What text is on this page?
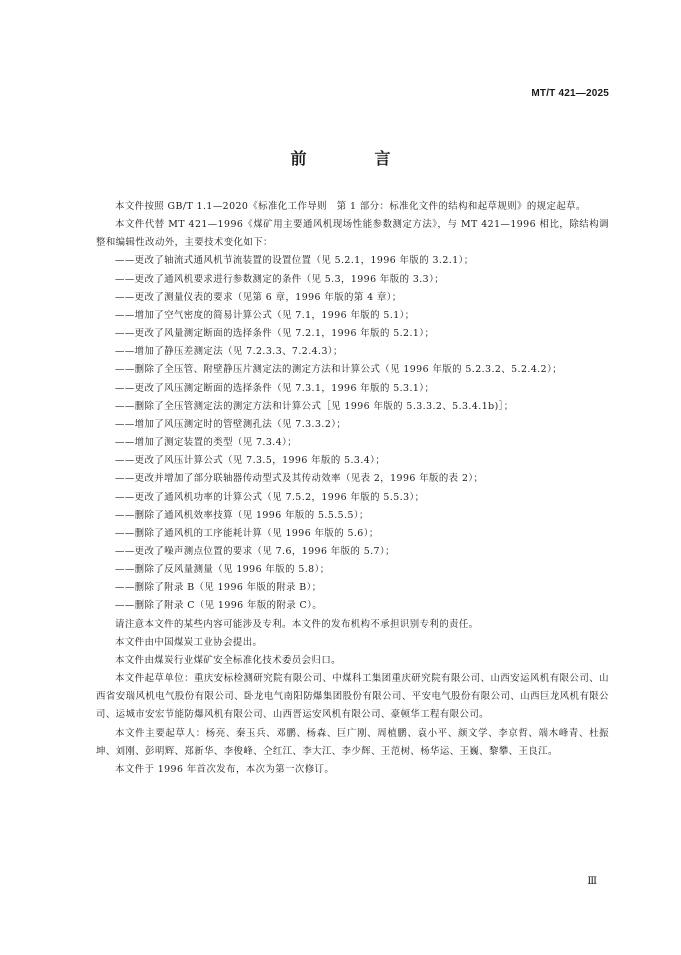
MT/T 421—2025
前　言

本文件按照 GB/T 1.1—2020《标准化工作导则　第 1 部分：标准化文件的结构和起草规则》的规定起草。

本文件代替 MT 421—1996《煤矿用主要通风机现场性能参数测定方法》，与 MT 421—1996 相比，除结构调整和编辑性改动外，主要技术变化如下：

——更改了轴流式通风机节流装置的设置位置（见 5.2.1，1996 年版的 3.2.1）；
——更改了通风机要求进行参数测定的条件（见 5.3，1996 年版的 3.3）；
——更改了测量仪表的要求（见第 6 章，1996 年版的第 4 章）；
——增加了空气密度的简易计算公式（见 7.1，1996 年版的 5.1）；
——更改了风量测定断面的选择条件（见 7.2.1，1996 年版的 5.2.1）；
——增加了静压差测定法（见 7.2.3.3、7.2.4.3）；
——删除了全压管、附壁静压片测定法的测定方法和计算公式（见 1996 年版的 5.2.3.2、5.2.4.2）；
——更改了风压测定断面的选择条件（见 7.3.1，1996 年版的 5.3.1）；
——删除了全压管测定法的测定方法和计算公式［见 1996 年版的 5.3.3.2、5.3.4.1b)］；
——增加了风压测定时的管壁测孔法（见 7.3.3.2）；
——增加了测定装置的类型（见 7.3.4）；
——更改了风压计算公式（见 7.3.5，1996 年版的 5.3.4）；
——更改并增加了部分联轴器传动型式及其传动效率（见表 2，1996 年版的表 2）；
——更改了通风机功率的计算公式（见 7.5.2，1996 年版的 5.5.3）；
——删除了通风机效率技算（见 1996 年版的 5.5.5.5）；
——删除了通风机的工序能耗计算（见 1996 年版的 5.6）；
——更改了噪声测点位置的要求（见 7.6，1996 年版的 5.7）；
——删除了反风量测量（见 1996 年版的 5.8）；
——删除了附录 B（见 1996 年版的附录 B）；
——删除了附录 C（见 1996 年版的附录 C）。

请注意本文件的某些内容可能涉及专利。本文件的发布机构不承担识别专利的责任。

本文件由中国煤炭工业协会提出。

本文件由煤炭行业煤矿安全标准化技术委员会归口。

本文件起草单位：重庆安标检测研究院有限公司、中煤科工集团重庆研究院有限公司、山西安运风机有限公司、山西省安瑞风机电气股份有限公司、卧龙电气南阳防爆集团股份有限公司、平安电气股份有限公司、山西巨龙风机有限公司、运城市安宏节能防爆风机有限公司、山西晋运安风机有限公司、豪顿华工程有限公司。

本文件主要起草人：杨亮、秦玉兵、邓鹏、杨森、巨广刚、周植鹏、袁小平、颜文学、李京哲、端木峰青、杜振坤、刘刚、彭明辉、郑新华、李俊峰、仝红江、李大江、李少辉、王范树、杨华运、王巍、黎攀、王良江。

本文件于 1996 年首次发布，本次为第一次修订。

Ⅲ
